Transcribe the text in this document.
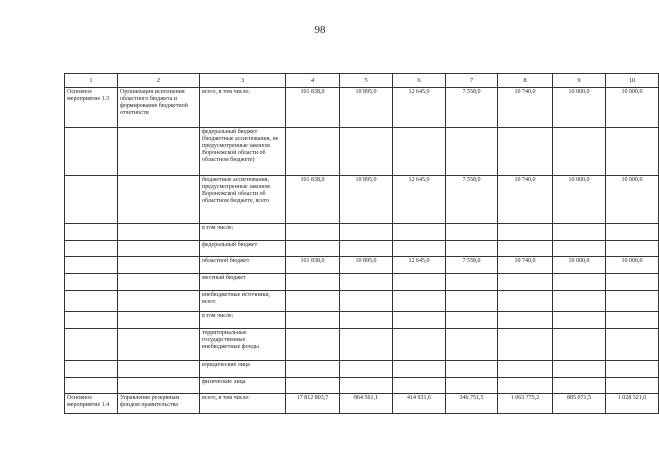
98
1	2	3	4	5	6	7	8	9	10
Основное мероприятие 1.3	Организация исполнения областного бюджета и формирование бюджетной отчетности	всего, в том числе:	101 838,0	10 895,0	12 645,0	7 558,0	10 740,0	10 000,0	10 000,0
		федеральный бюджет (бюджетные ассигнования, не предусмотренные законом Воронежской области об областном бюджете)							
		бюджетные ассигнования, предусмотренные законом Воронежской области об областном бюджете, всего	101 838,0	10 895,0	12 645,0	7 558,0	10 740,0	10 000,0	10 000,0
		в том числе:							
		федеральный бюджет							
		областной бюджет	101 838,0	10 895,0	12 645,0	7 558,0	10 740,0	10 000,0	10 000,0
		местный бюджет							
		внебюджетные источники, всего							
		в том числе:							
		территориальные государственные внебюджетные фонды							
		юридические лица							
		физические лица							
Основное мероприятие 1.4	Управление резервным фондом правительства	всего, в том числе:	17 812 803,7	864 561,1	414 931,6	346 751,5	1 063 775,2	885 071,5	1 028 321,0
